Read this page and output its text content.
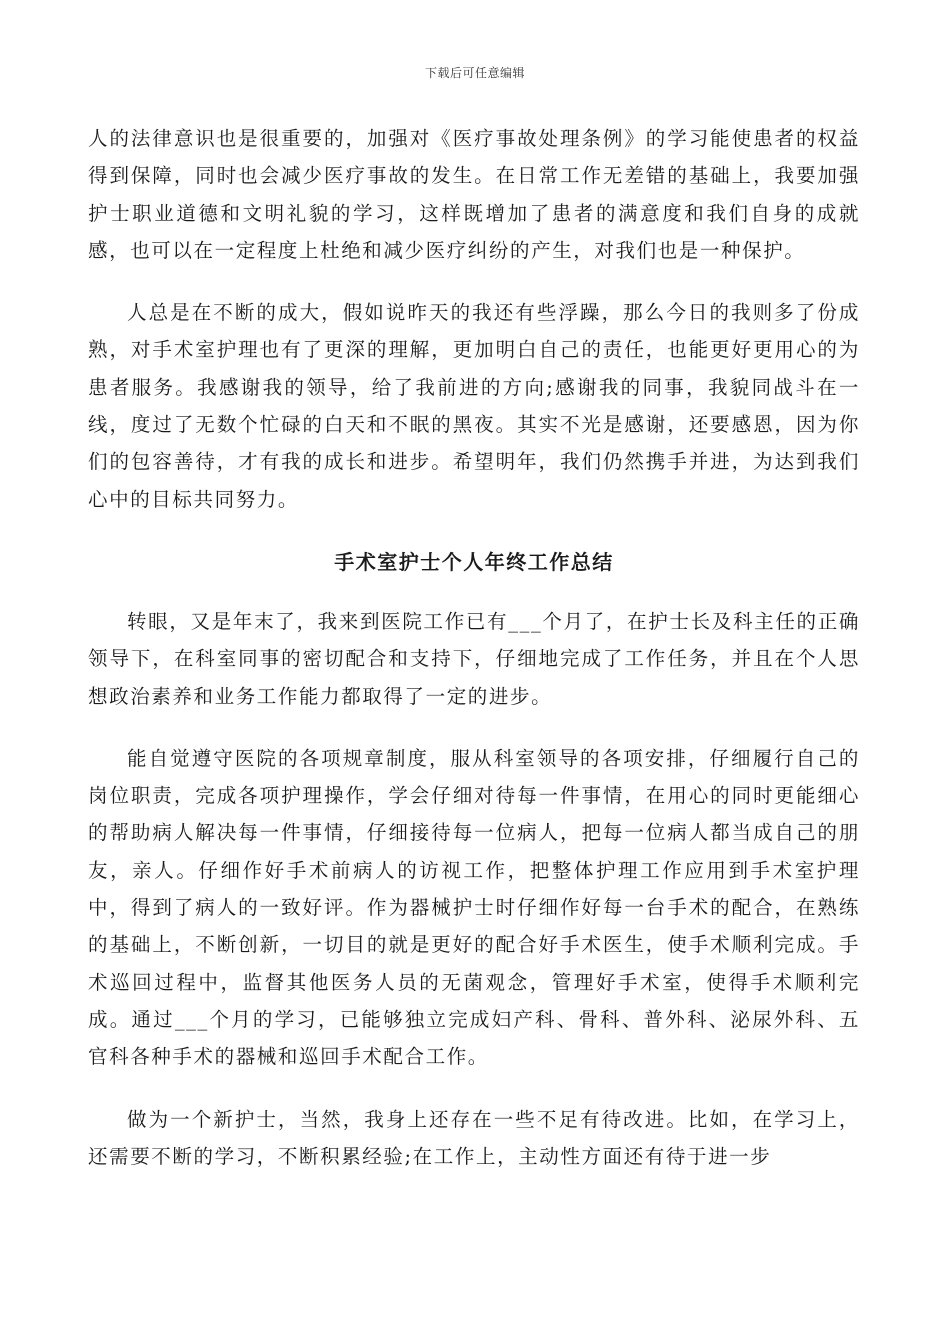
下载后可任意编辑

人的法律意识也是很重要的，加强对《医疗事故处理条例》的学习能使患者的权益得到保障，同时也会减少医疗事故的发生。在日常工作无差错的基础上，我要加强护士职业道德和文明礼貌的学习，这样既增加了患者的满意度和我们自身的成就感，也可以在一定程度上杜绝和减少医疗纠纷的产生，对我们也是一种保护。

人总是在不断的成大，假如说昨天的我还有些浮躁，那么今日的我则多了份成熟，对手术室护理也有了更深的理解，更加明白自己的责任，也能更好更用心的为患者服务。我感谢我的领导，给了我前进的方向;感谢我的同事，我貌同战斗在一线，度过了无数个忙碌的白天和不眠的黑夜。其实不光是感谢，还要感恩，因为你们的包容善待，才有我的成长和进步。希望明年，我们仍然携手并进，为达到我们心中的目标共同努力。

手术室护士个人年终工作总结

转眼，又是年末了，我来到医院工作已有___个月了，在护士长及科主任的正确领导下，在科室同事的密切配合和支持下，仔细地完成了工作任务，并且在个人思想政治素养和业务工作能力都取得了一定的进步。

能自觉遵守医院的各项规章制度，服从科室领导的各项安排，仔细履行自己的岗位职责，完成各项护理操作，学会仔细对待每一件事情，在用心的同时更能细心的帮助病人解决每一件事情，仔细接待每一位病人，把每一位病人都当成自己的朋友，亲人。仔细作好手术前病人的访视工作，把整体护理工作应用到手术室护理中，得到了病人的一致好评。作为器械护士时仔细作好每一台手术的配合，在熟练的基础上，不断创新，一切目的就是更好的配合好手术医生，使手术顺利完成。手术巡回过程中，监督其他医务人员的无菌观念，管理好手术室，使得手术顺利完成。通过___个月的学习，已能够独立完成妇产科、骨科、普外科、泌尿外科、五官科各种手术的器械和巡回手术配合工作。

做为一个新护士，当然，我身上还存在一些不足有待改进。比如，在学习上，还需要不断的学习，不断积累经验;在工作上，主动性方面还有待于进一步
